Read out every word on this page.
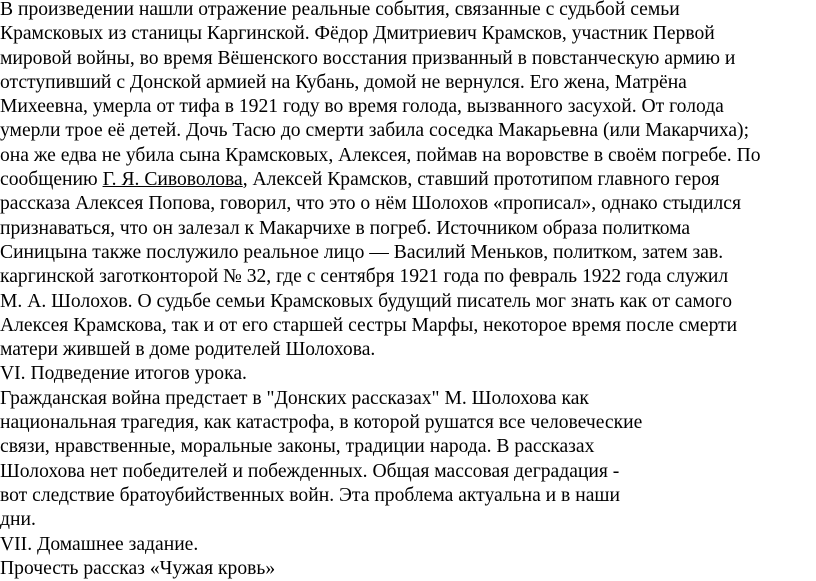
В произведении нашли отражение реальные события, связанные с судьбой семьи
Крамсковых из станицы Каргинской. Фёдор Дмитриевич Крамсков, участник Первой
мировой войны, во время Вёшенского восстания призванный в повстанческую армию и
отступивший с Донской армией на Кубань, домой не вернулся. Его жена, Матрёна
Михеевна, умерла от тифа в 1921 году во время голода, вызванного засухой. От голода
умерли трое её детей. Дочь Тасю до смерти забила соседка Макарьевна (или Макарчиха);
она же едва не убила сына Крамсковых, Алексея, поймав на воровстве в своём погребе. По
сообщению Г. Я. Сивоволова, Алексей Крамсков, ставший прототипом главного героя
рассказа Алексея Попова, говорил, что это о нём Шолохов «прописал», однако стыдился
признаваться, что он залезал к Макарчихе в погреб. Источником образа политкома
Синицына также послужило реальное лицо ― Василий Меньков, политком, затем зав.
каргинской заготконторой № 32, где с сентября 1921 года по февраль 1922 года служил
М. А. Шолохов. О судьбе семьи Крамсковых будущий писатель мог знать как от самого
Алексея Крамскова, так и от его старшей сестры Марфы, некоторое время после смерти
матери жившей в доме родителей Шолохова.
VI. Подведение итогов урока.
Гражданская война предстает в "Донских рассказах" М. Шолохова как
национальная трагедия, как катастрофа, в которой рушатся все человеческие
связи, нравственные, моральные законы, традиции народа. В рассказах
Шолохова нет победителей и побежденных. Общая массовая деградация -
вот следствие братоубийственных войн. Эта проблема актуальна и в наши
дни.
VII. Домашнее задание.
Прочесть рассказ «Чужая кровь»
